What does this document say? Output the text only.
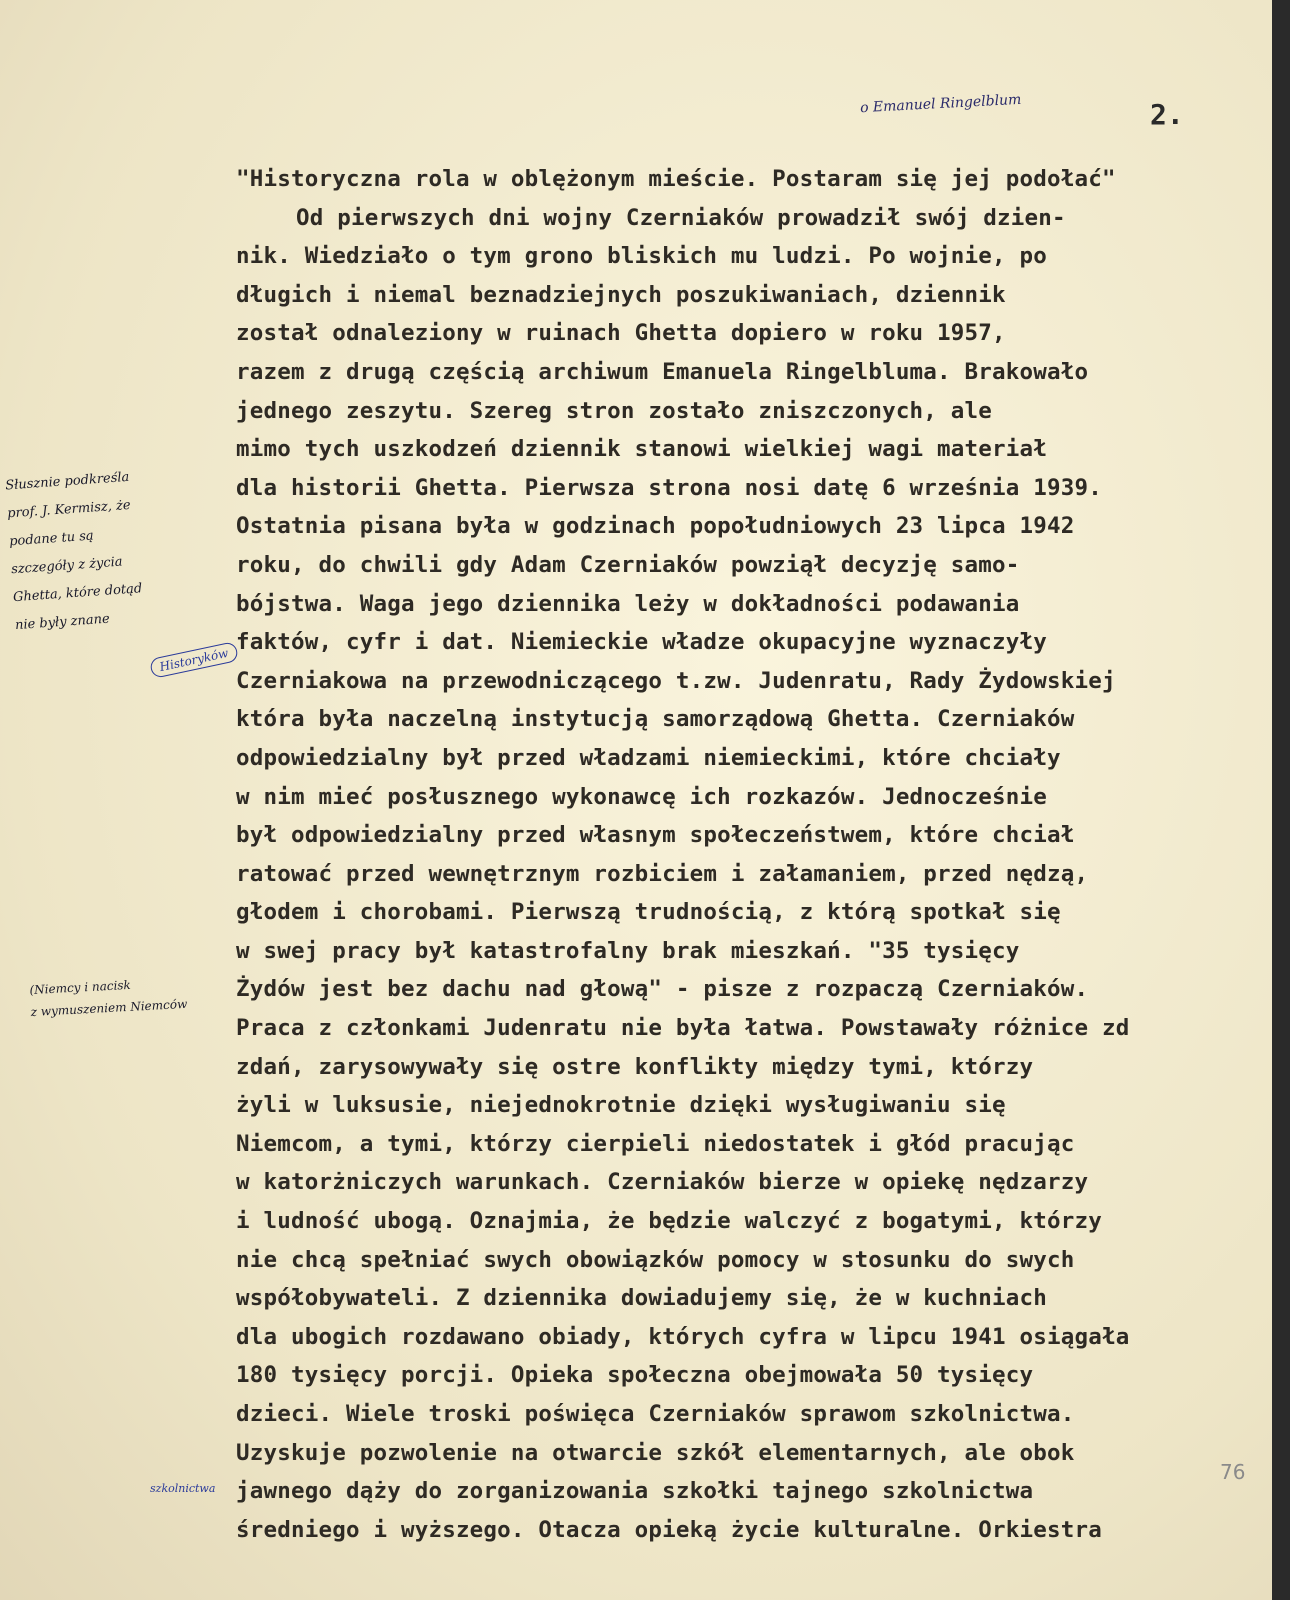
o Emanuel Ringelblum	2.
Słusznie podkreśla
prof. J. Kermisz, że
podane tu są
szczegóły z życia
Ghetta, które dotąd
nie były znane
Historyków
(Niemcy i nacisk
z wymuszeniem Niemców
szkolnictwa
"Historyczna rola w oblężonym mieście. Postaram się jej podołać"
Od pierwszych dni wojny Czerniaków prowadził swój dzien-
nik. Wiedziało o tym grono bliskich mu ludzi. Po wojnie, po
długich i niemal beznadziejnych poszukiwaniach, dziennik
został odnaleziony w ruinach Ghetta dopiero w roku 1957,
razem z drugą częścią archiwum Emanuela Ringelbluma. Brakowało
jednego zeszytu. Szereg stron zostało zniszczonych, ale
mimo tych uszkodzeń dziennik stanowi wielkiej wagi materiał
dla historii Ghetta. Pierwsza strona nosi datę 6 września 1939.
Ostatnia pisana była w godzinach popołudniowych 23 lipca 1942
roku, do chwili gdy Adam Czerniaków powziął decyzję samo-
bójstwa. Waga jego dziennika leży w dokładności podawania
faktów, cyfr i dat. Niemieckie władze okupacyjne wyznaczyły
Czerniakowa na przewodniczącego t.zw. Judenratu, Rady Żydowskiej
która była naczelną instytucją samorządową Ghetta. Czerniaków
odpowiedzialny był przed władzami niemieckimi, które chciały
w nim mieć posłusznego wykonawcę ich rozkazów. Jednocześnie
był odpowiedzialny przed własnym społeczeństwem, które chciał
ratować przed wewnętrznym rozbiciem i załamaniem, przed nędzą,
głodem i chorobami. Pierwszą trudnością, z którą spotkał się
w swej pracy był katastrofalny brak mieszkań. "35 tysięcy
Żydów jest bez dachu nad głową" - pisze z rozpaczą Czerniaków.
Praca z członkami Judenratu nie była łatwa. Powstawały różnice zd
zdań, zarysowywały się ostre konflikty między tymi, którzy
żyli w luksusie, niejednokrotnie dzięki wysługiwaniu się
Niemcom, a tymi, którzy cierpieli niedostatek i głód pracując
w katorżniczych warunkach. Czerniaków bierze w opiekę nędzarzy
i ludność ubogą. Oznajmia, że będzie walczyć z bogatymi, którzy
nie chcą spełniać swych obowiązków pomocy w stosunku do swych
współobywateli. Z dziennika dowiadujemy się, że w kuchniach
dla ubogich rozdawano obiady, których cyfra w lipcu 1941 osiągała
180 tysięcy porcji. Opieka społeczna obejmowała 50 tysięcy
dzieci. Wiele troski poświęca Czerniaków sprawom szkolnictwa.
Uzyskuje pozwolenie na otwarcie szkół elementarnych, ale obok
jawnego dąży do zorganizowania szkołki tajnego szkolnictwa
średniego i wyższego. Otacza opieką życie kulturalne. Orkiestra
76
